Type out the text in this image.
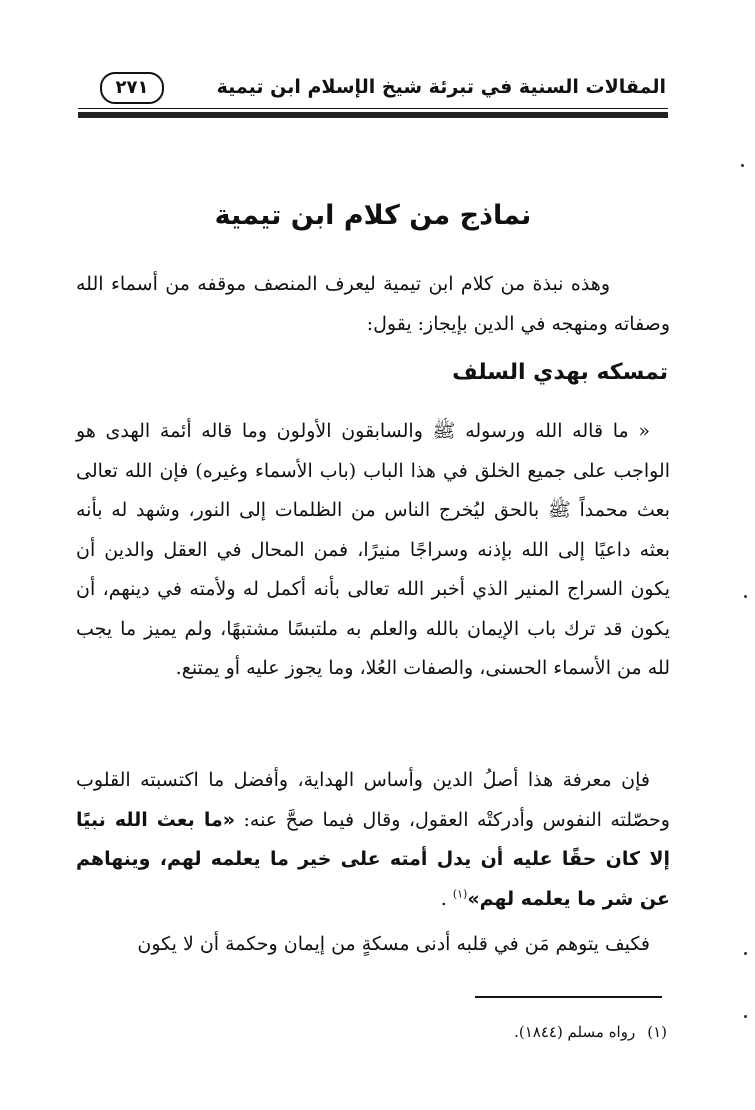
المقالات السنية في تبرئة شيخ الإسلام ابن تيمية
٢٧١
نماذج من كلام ابن تيمية
وهذه نبذة من كلام ابن تيمية ليعرف المنصف موقفه من أسماء الله وصفاته ومنهجه في الدين بإيجاز: يقول:
تمسكه بهدي السلف
« ما قاله الله ورسوله ﷺ والسابقون الأولون وما قاله أئمة الهدى هو الواجب على جميع الخلق في هذا الباب (باب الأسماء وغيره) فإن الله تعالى بعث محمداً ﷺ بالحق ليُخرج الناس من الظلمات إلى النور، وشهد له بأنه بعثه داعيًا إلى الله بإذنه وسراجًا منيرًا، فمن المحال في العقل والدين أن يكون السراج المنير الذي أخبر الله تعالى بأنه أكمل له ولأمته في دينهم، أن يكون قد ترك باب الإيمان بالله والعلم به ملتبسًا مشتبهًا، ولم يميز ما يجب لله من الأسماء الحسنى، والصفات العُلا، وما يجوز عليه أو يمتنع.
فإن معرفة هذا أصلُ الدين وأساس الهداية، وأفضل ما اكتسبته القلوب وحصّلته النفوس وأدركتْه العقول، وقال فيما صحَّ عنه: «ما بعث الله نبيًا إلا كان حقًا عليه أن يدل أمته على خير ما يعلمه لهم، وينهاهم عن شر ما يعلمه لهم»$^{(١)}$ .
فكيف يتوهم مَن في قلبه أدنى مسكةٍ من إيمان وحكمة أن لا يكون
(١)رواه مسلم (١٨٤٤).
